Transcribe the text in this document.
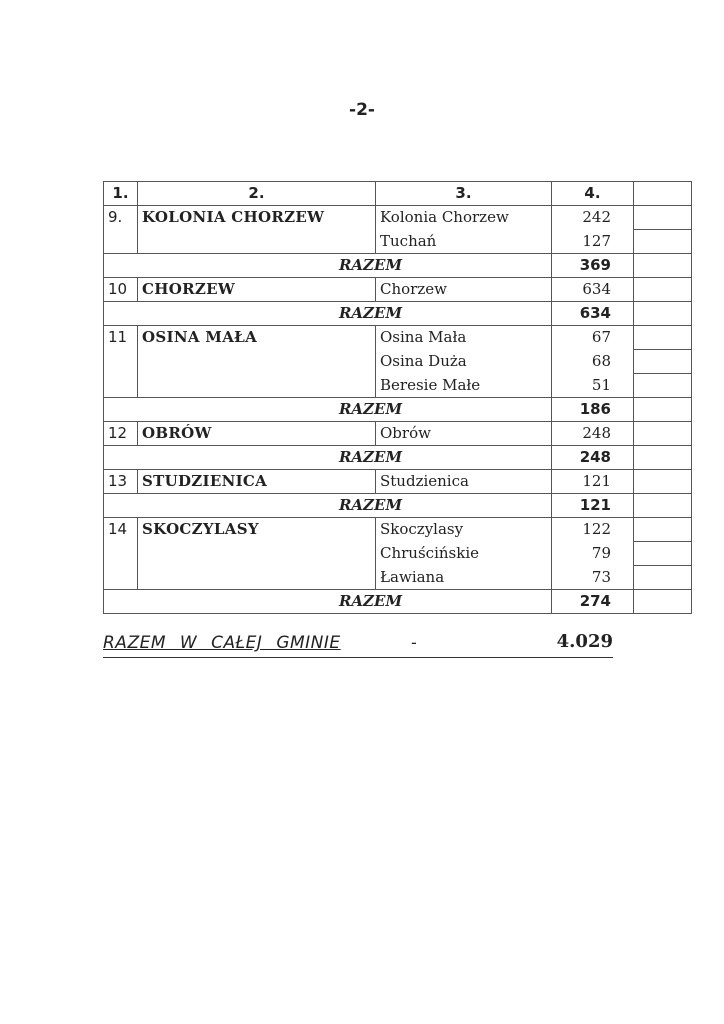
-2-
1.	2.	3.	4.	
9.	KOLONIA CHORZEW	Kolonia Chorzew	242	
		Tuchań	127	
RAZEM			369	
10	CHORZEW	Chorzew	634	
RAZEM			634	
11	OSINA MAŁA	Osina Mała	67	
		Osina Duża	68	
		Beresie Małe	51	
RAZEM			186	
12	OBRÓW	Obrów	248	
RAZEM			248	
13	STUDZIENICA	Studzienica	121	
RAZEM			121	
14	SKOCZYLASY	Skoczylasy	122	
		Chruścińskie	79	
		Ławiana	73	
RAZEM			274	
RAZEM W CAŁEJ GMINIE	-	4.029
